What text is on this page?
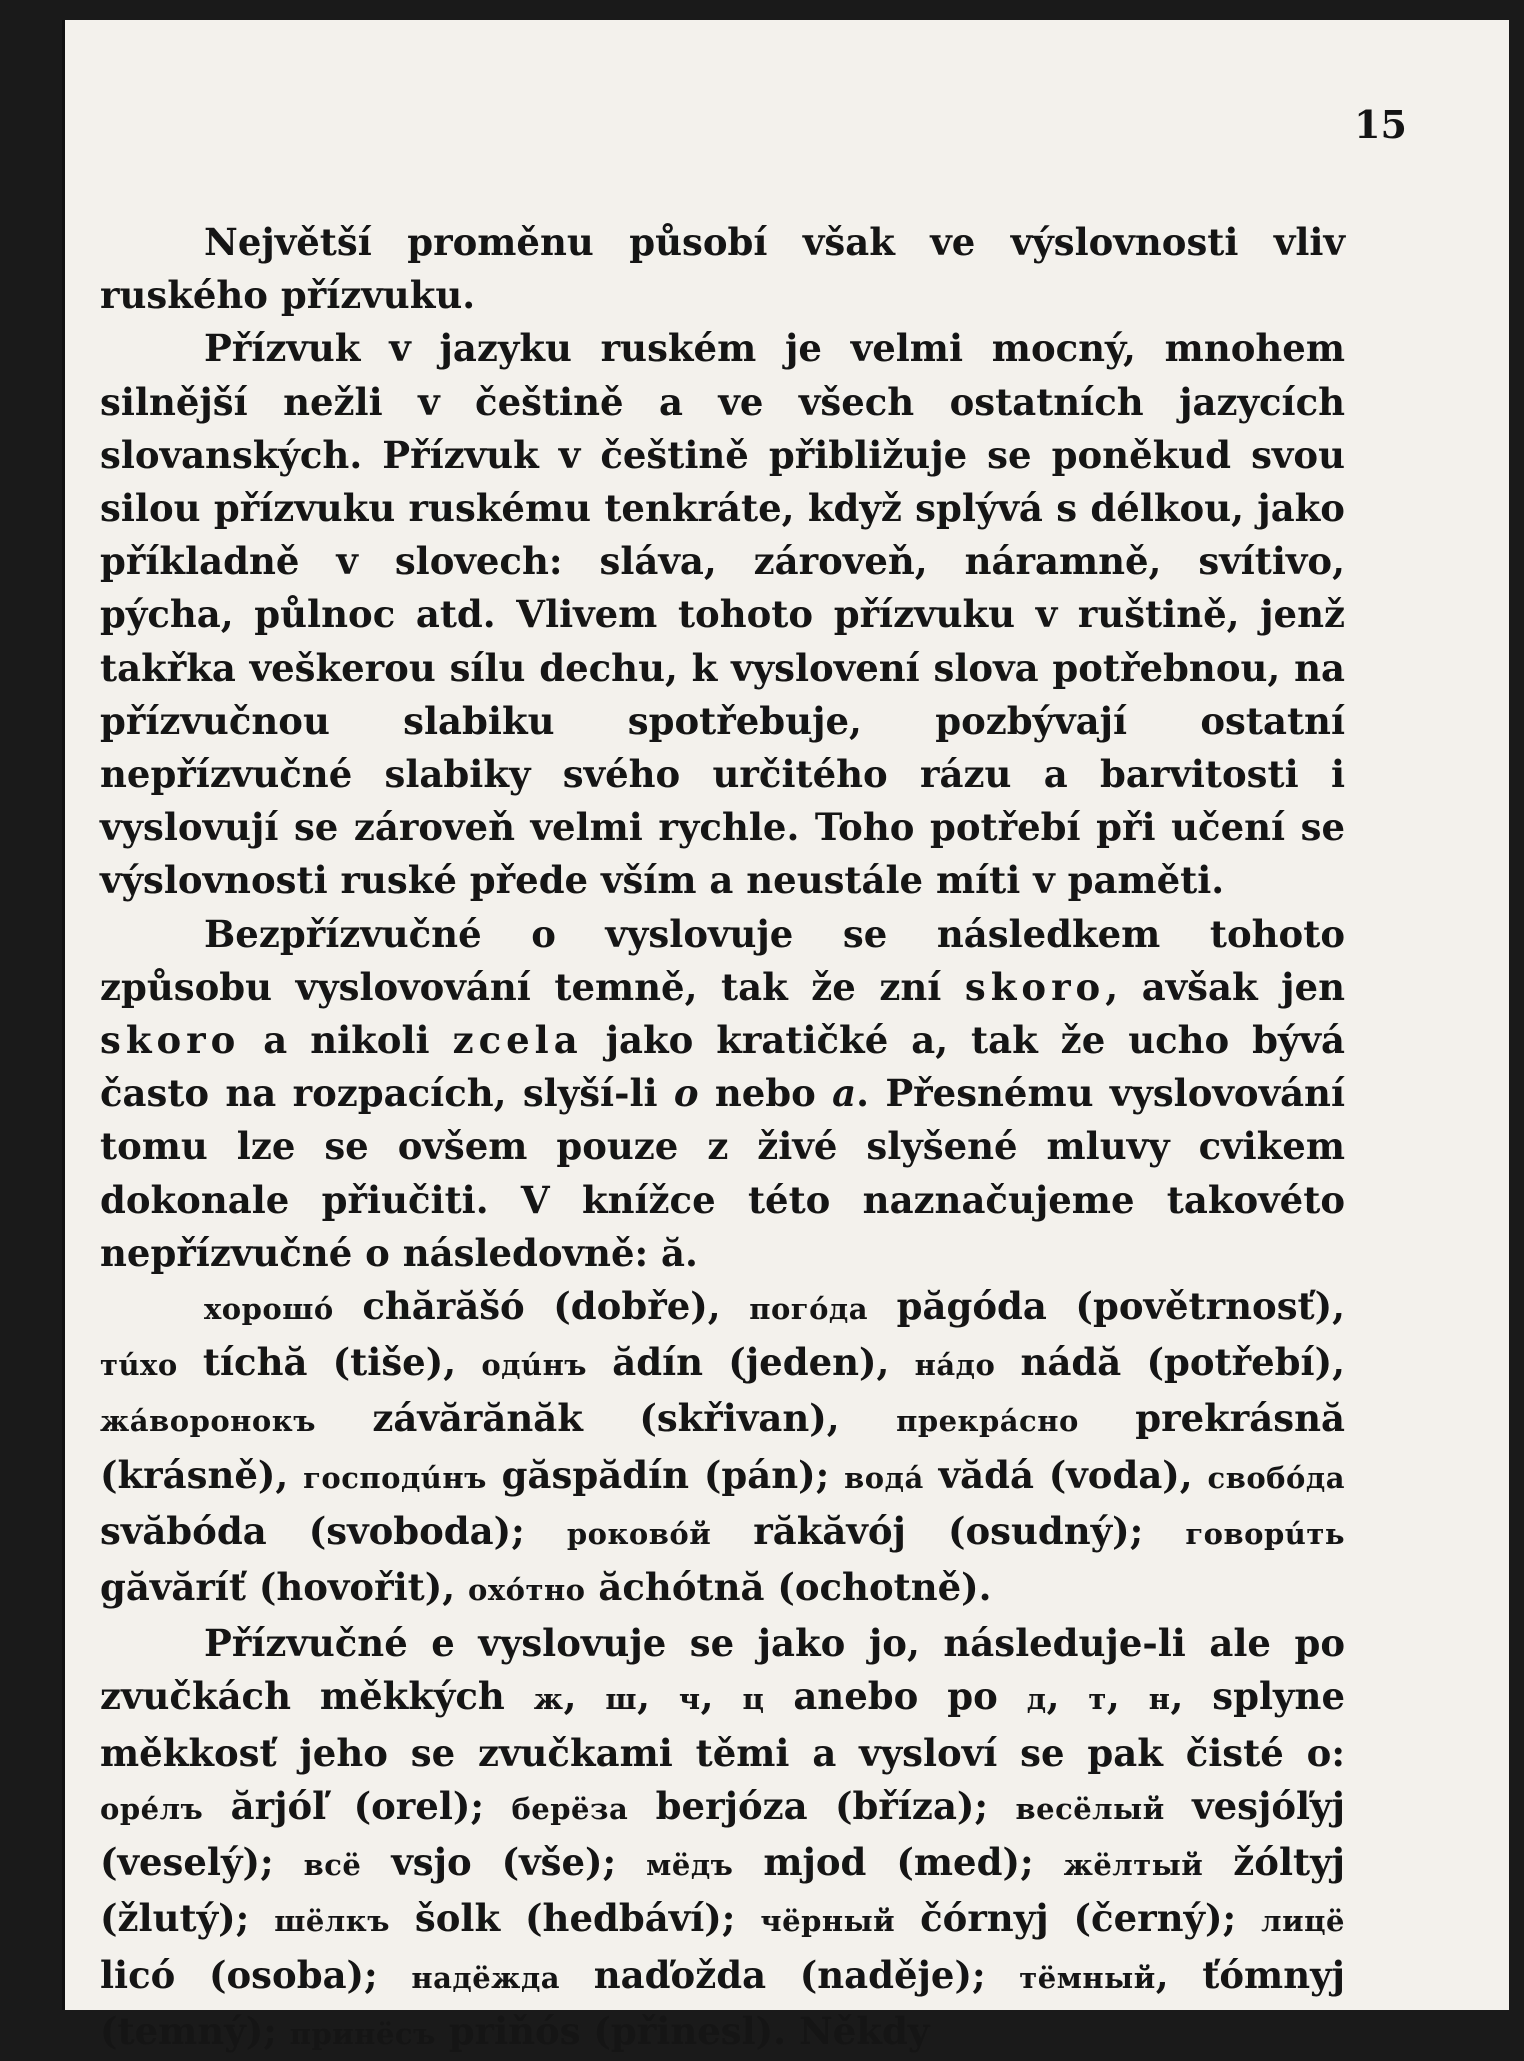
15

Největší proměnu působí však ve výslovnosti vliv ruského přízvuku.

Přízvuk v jazyku ruském je velmi mocný, mnohem silnější nežli v češtině a ve všech ostatních jazycích slovanských. Přízvuk v češtině přibližuje se poněkud svou silou přízvuku ruskému tenkráte, když splývá s délkou, jako příkladně v slovech: sláva, zároveň, náramně, svítivo, pýcha, půlnoc atd. Vlivem tohoto přízvuku v ruštině, jenž takřka veškerou sílu dechu, k vyslovení slova potřebnou, na přízvučnou slabiku spotřebuje, pozbývají ostatní nepřízvučné slabiky svého určitého rázu a barvitosti i vyslovují se zároveň velmi rychle. Toho potřebí při učení se výslovnosti ruské přede vším a neustále míti v paměti.

Bezpřízvučné o vyslovuje se následkem tohoto způsobu vyslovování temně, tak že zní skoro, avšak jen skoro a nikoli zcela jako kratičké a, tak že ucho bývá často na rozpacích, slyší-li o nebo a. Přesnému vyslovování tomu lze se ovšem pouze z živé slyšené mluvy cvikem dokonale přiučiti. V knížce této naznačujeme takovéto nepřízvučné o následovně: ă.

хорошó chărăšó (dobře), погóда păgóda (povětrnosť), тúхо tíchă (tiše), одúнъ ădín (jeden), нáдо nádă (potřebí), жáворонокъ závărănăk (skřivan), прекрáсно prekrásnă (krásně), господúнъ găspădín (pán); водá vădá (voda), свобóда svăbóda (svoboda); роковóй răkăvój (osudný); говорúть găvăríť (hovořit), охóтно ăchótnă (ochotně).

Přízvučné e vyslovuje se jako jo, následuje-li ale po zvučkách měkkých ж, ш, ч, ц anebo po д, т, н, splyne měkkosť jeho se zvučkami těmi a vysloví se pak čisté o: opéлъ ărjóľ (orel); берёза berjóza (bříza); весёлый vesjóľyj (veselý); всё vsjo (vše); мёдъ mjod (med); жёлтый žóltyj (žlutý); шёлкъ šolk (hedbáví); чёрный čórnyj (černý); лицё licó (osoba); надёжда naďožda (naděje); тёмный, ťómnyj (temný); принёсъ priňós (přinesl). Někdy
